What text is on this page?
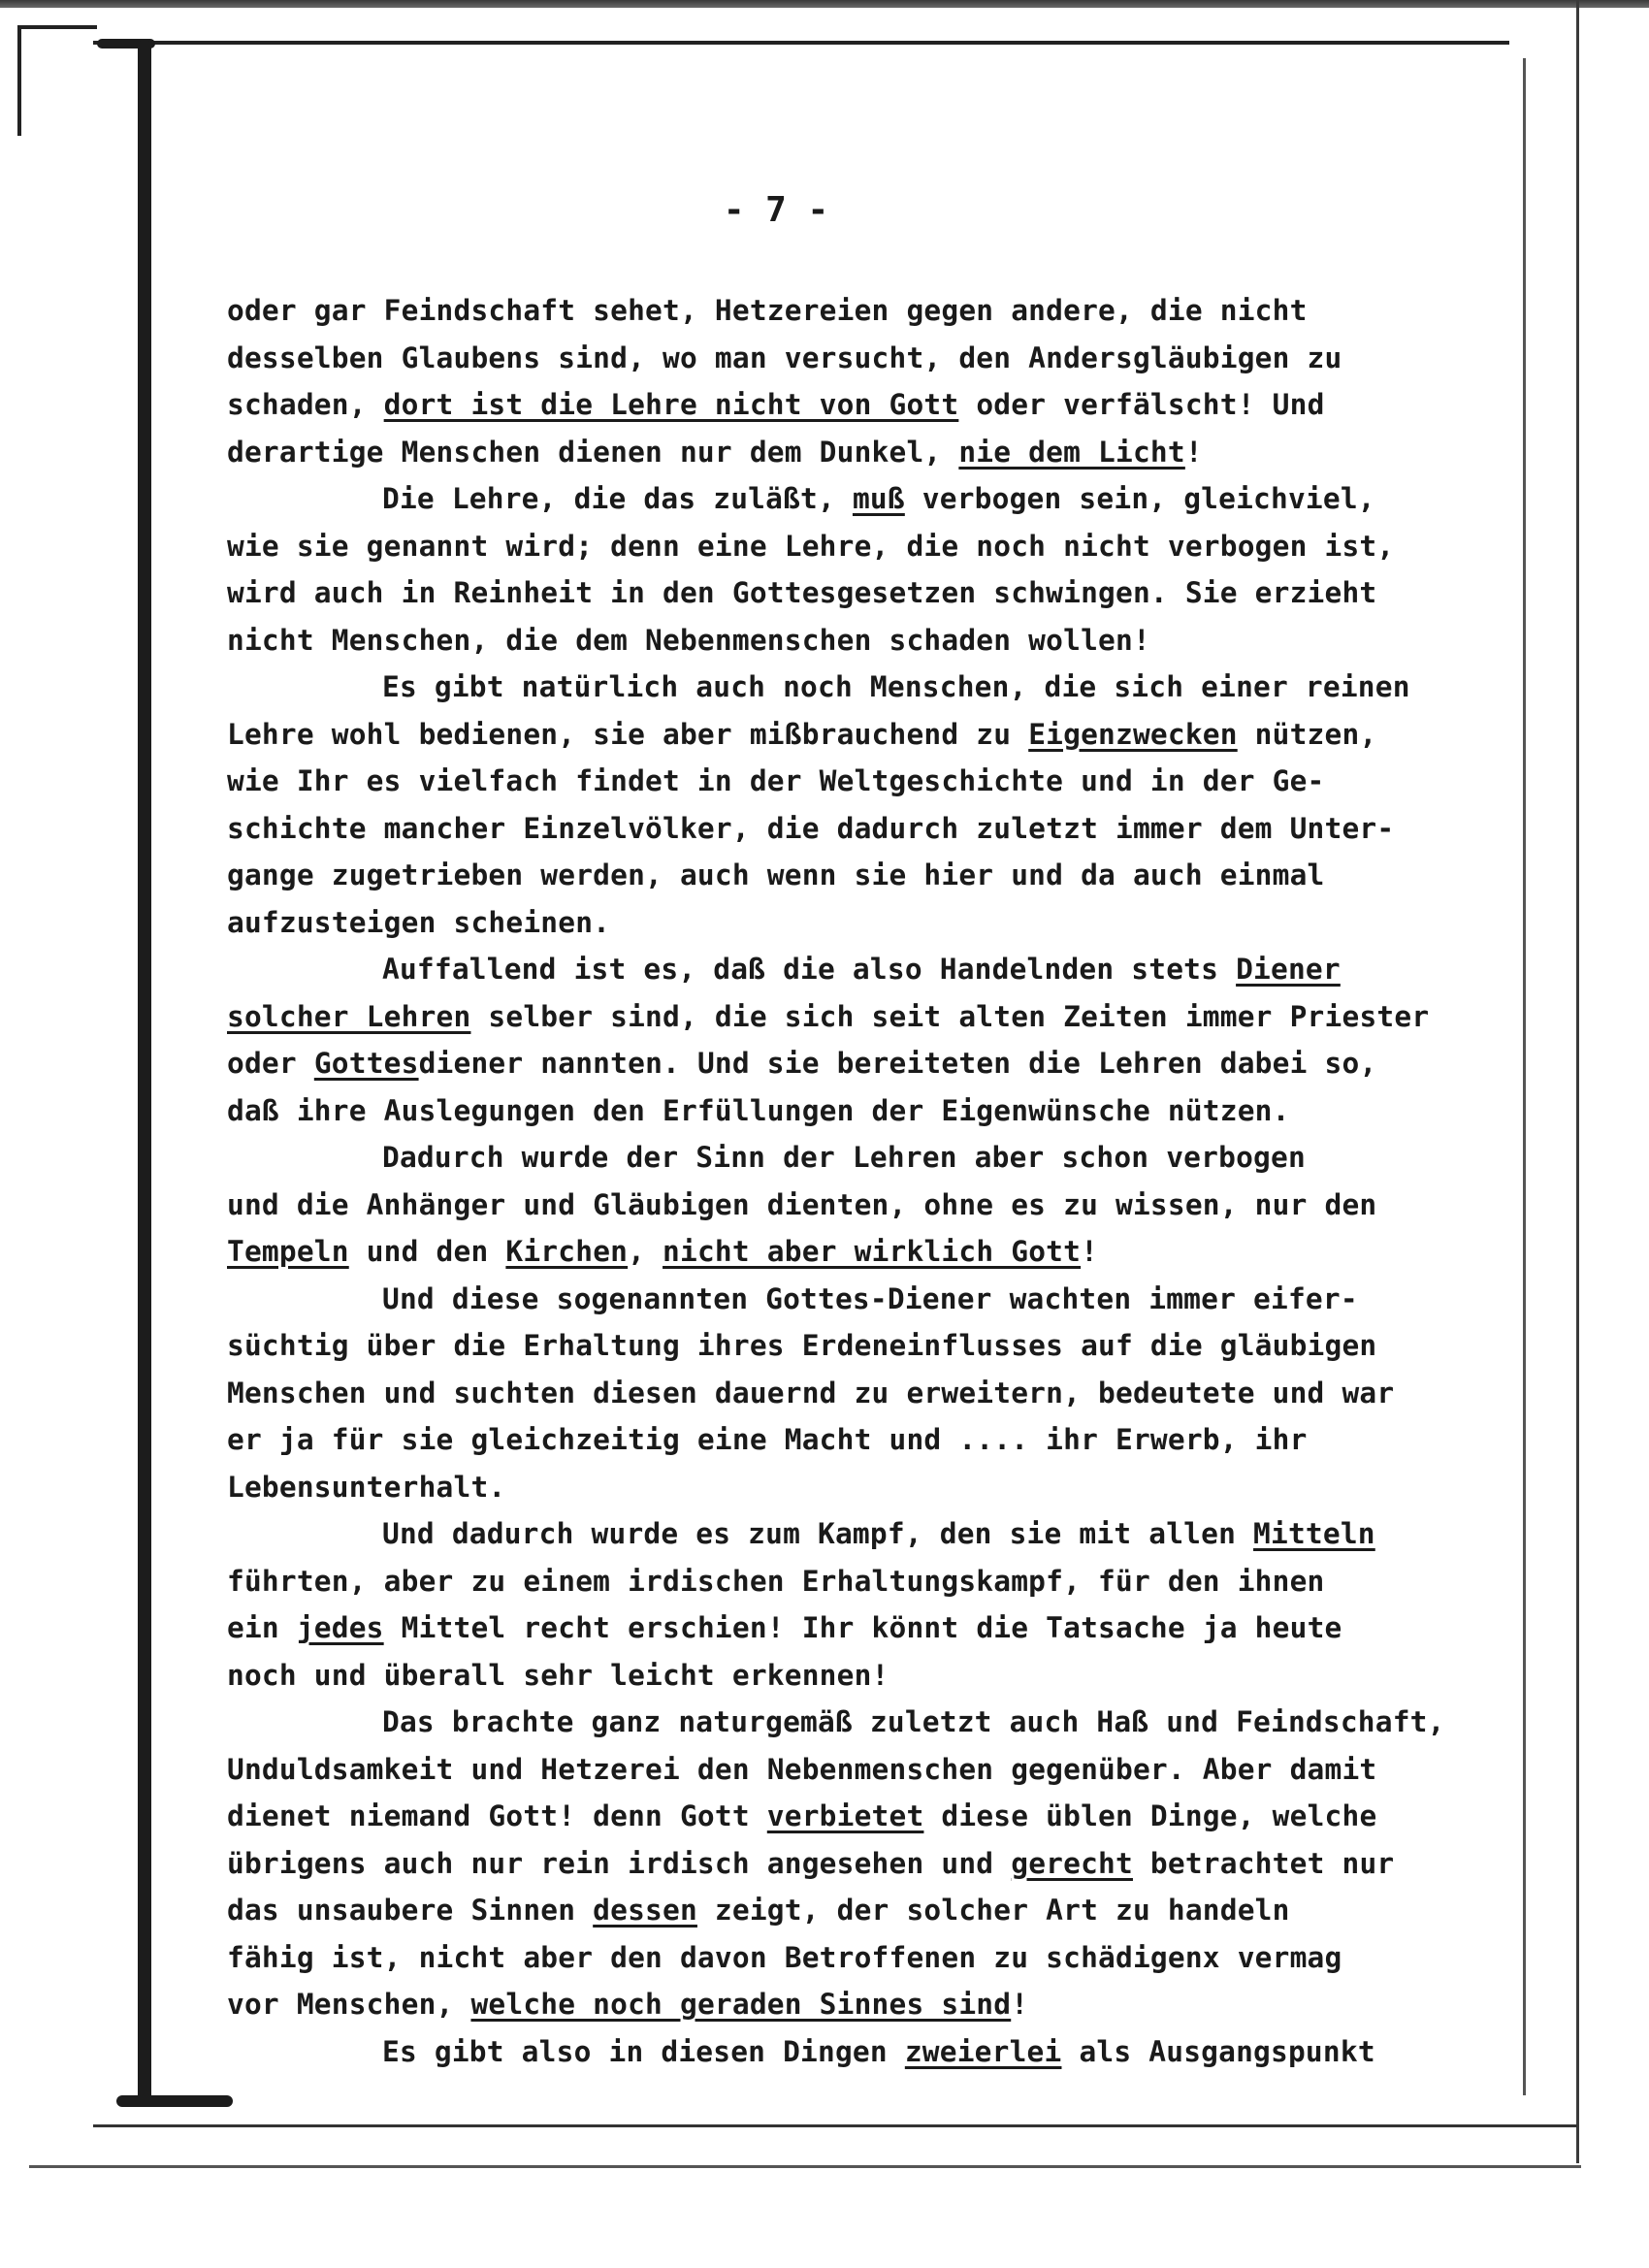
- 7 -
oder gar Feindschaft sehet, Hetzereien gegen andere, die nicht
desselben Glaubens sind, wo man versucht, den Andersgläubigen zu
schaden, dort ist die Lehre nicht von Gott oder verfälscht! Und
derartige Menschen dienen nur dem Dunkel, nie dem Licht!
Die Lehre, die das zuläßt, muß verbogen sein, gleichviel,
wie sie genannt wird; denn eine Lehre, die noch nicht verbogen ist,
wird auch in Reinheit in den Gottesgesetzen schwingen. Sie erzieht
nicht Menschen, die dem Nebenmenschen schaden wollen!
Es gibt natürlich auch noch Menschen, die sich einer reinen
Lehre wohl bedienen, sie aber mißbrauchend zu Eigenzwecken nützen,
wie Ihr es vielfach findet in der Weltgeschichte und in der Ge-
schichte mancher Einzelvölker, die dadurch zuletzt immer dem Unter-
gange zugetrieben werden, auch wenn sie hier und da auch einmal
aufzusteigen scheinen.
Auffallend ist es, daß die also Handelnden stets Diener
solcher Lehren selber sind, die sich seit alten Zeiten immer Priester
oder Gottesdiener nannten. Und sie bereiteten die Lehren dabei so,
daß ihre Auslegungen den Erfüllungen der Eigenwünsche nützen.
Dadurch wurde der Sinn der Lehren aber schon verbogen
und die Anhänger und Gläubigen dienten, ohne es zu wissen, nur den
Tempeln und den Kirchen, nicht aber wirklich Gott!
Und diese sogenannten Gottes-Diener wachten immer eifer-
süchtig über die Erhaltung ihres Erdeneinflusses auf die gläubigen
Menschen und suchten diesen dauernd zu erweitern, bedeutete und war
er ja für sie gleichzeitig eine Macht und .... ihr Erwerb, ihr
Lebensunterhalt.
Und dadurch wurde es zum Kampf, den sie mit allen Mitteln
führten, aber zu einem irdischen Erhaltungskampf, für den ihnen
ein jedes Mittel recht erschien! Ihr könnt die Tatsache ja heute
noch und überall sehr leicht erkennen!
Das brachte ganz naturgemäß zuletzt auch Haß und Feindschaft,
Unduldsamkeit und Hetzerei den Nebenmenschen gegenüber. Aber damit
dienet niemand Gott! denn Gott verbietet diese üblen Dinge, welche
übrigens auch nur rein irdisch angesehen und gerecht betrachtet nur
das unsaubere Sinnen dessen zeigt, der solcher Art zu handeln
fähig ist, nicht aber den davon Betroffenen zu schädigenx vermag
vor Menschen, welche noch geraden Sinnes sind!
Es gibt also in diesen Dingen zweierlei als Ausgangspunkt
